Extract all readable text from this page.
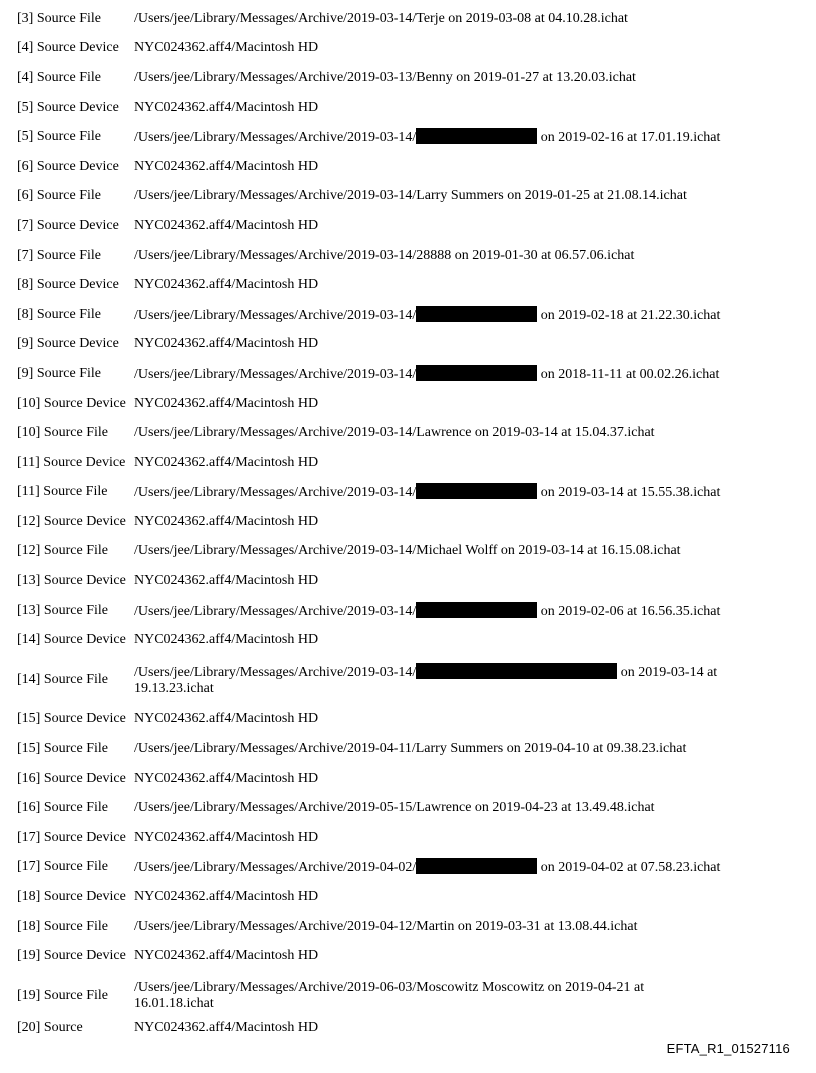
[3] Source File	/Users/jee/Library/Messages/Archive/2019-03-14/Terje on 2019-03-08 at 04.10.28.ichat
[4] Source Device	NYC024362.aff4/Macintosh HD
[4] Source File	/Users/jee/Library/Messages/Archive/2019-03-13/Benny on 2019-01-27 at 13.20.03.ichat
[5] Source Device	NYC024362.aff4/Macintosh HD
[5] Source File	/Users/jee/Library/Messages/Archive/2019-03-14/	on 2019-02-16 at 17.01.19.ichat
[6] Source Device	NYC024362.aff4/Macintosh HD
[6] Source File	/Users/jee/Library/Messages/Archive/2019-03-14/Larry Summers on 2019-01-25 at 21.08.14.ichat
[7] Source Device	NYC024362.aff4/Macintosh HD
[7] Source File	/Users/jee/Library/Messages/Archive/2019-03-14/28888 on 2019-01-30 at 06.57.06.ichat
[8] Source Device	NYC024362.aff4/Macintosh HD
[8] Source File	/Users/jee/Library/Messages/Archive/2019-03-14/	on 2019-02-18 at 21.22.30.ichat
[9] Source Device	NYC024362.aff4/Macintosh HD
[9] Source File	/Users/jee/Library/Messages/Archive/2019-03-14/	on 2018-11-11 at 00.02.26.ichat
[10] Source Device NYC024362.aff4/Macintosh HD
[10] Source File	/Users/jee/Library/Messages/Archive/2019-03-14/Lawrence on 2019-03-14 at 15.04.37.ichat
[11] Source Device NYC024362.aff4/Macintosh HD
[11] Source File	/Users/jee/Library/Messages/Archive/2019-03-14/	on 2019-03-14 at 15.55.38.ichat
[12] Source Device NYC024362.aff4/Macintosh HD
[12] Source File	/Users/jee/Library/Messages/Archive/2019-03-14/Michael Wolff on 2019-03-14 at 16.15.08.ichat
[13] Source Device NYC024362.aff4/Macintosh HD
[13] Source File	/Users/jee/Library/Messages/Archive/2019-03-14/	on 2019-02-06 at 16.56.35.ichat
[14] Source Device NYC024362.aff4/Macintosh HD
[14] Source File	/Users/jee/Library/Messages/Archive/2019-03-14/	on 2019-03-14 at
19.13.23.ichat
[15] Source Device NYC024362.aff4/Macintosh HD
[15] Source File	/Users/jee/Library/Messages/Archive/2019-04-11/Larry Summers on 2019-04-10 at 09.38.23.ichat
[16] Source Device NYC024362.aff4/Macintosh HD
[16] Source File	/Users/jee/Library/Messages/Archive/2019-05-15/Lawrence on 2019-04-23 at 13.49.48.ichat
[17] Source Device NYC024362.aff4/Macintosh HD
[17] Source File	/Users/jee/Library/Messages/Archive/2019-04-02/	on 2019-04-02 at 07.58.23.ichat
[18] Source Device NYC024362.aff4/Macintosh HD
[18] Source File	/Users/jee/Library/Messages/Archive/2019-04-12/Martin on 2019-03-31 at 13.08.44.ichat
[19] Source Device NYC024362.aff4/Macintosh HD
[19] Source File
/Users/jee/Library/Messages/Archive/2019-06-03/Moscowitz Moscowitz on 2019-04-21 at
16.01.18.ichat
[20] Source	NYC024362.aff4/Macintosh HD
EFTA_R1_01527116
